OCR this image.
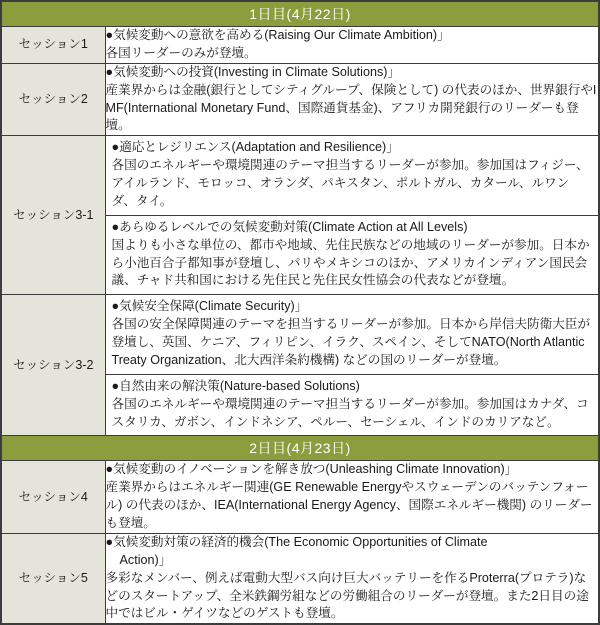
1日目(4月22日)	
セッション1	●気候変動への意欲を高める(Raising Our Climate Ambition)」
各国リーダーのみが登壇。

セッション2	●気候変動への投資(Investing in Climate Solutions)」
産業界からは金融(銀行としてシティグループ、保険として) の代表のほか、世界銀行やIMF(International Monetary Fund、国際通貨基金)、アフリカ開発銀行のリーダーも登壇。

セッション3-1	●適応とレジリエンス(Adaptation and Resilience)」
各国のエネルギーや環境関連のテーマ担当するリーダーが参加。参加国はフィジー、アイルランド、モロッコ、オランダ、パキスタン、ポルトガル、カタール、ルワンダ、タイ。
●あらゆるレベルでの気候変動対策(Climate Action at All Levels)
国よりも小さな単位の、都市や地域、先住民族などの地域のリーダーが参加。日本から小池百合子都知事が登壇し、パリやメキシコのほか、アメリカインディアン国民会議、チャド共和国における先住民と先住民女性協会の代表などが登壇。

セッション3-2	●気候安全保障(Climate Security)」
各国の安全保障関連のテーマを担当するリーダーが参加。日本から岸信夫防衛大臣が登壇し、英国、ケニア、フィリピン、イラク、スペイン、そしてNATO(North Atlantic Treaty Organization、北大西洋条約機構) などの国のリーダーが登壇。
●自然由来の解決策(Nature-based Solutions)
各国のエネルギーや環境関連のテーマ担当するリーダーが参加。参加国はカナダ、コスタリカ、ガボン、インドネシア、ペルー、セーシェル、インドのカリアなど。

2日目(4月23日)	
セッション4	●気候変動のイノベーションを解き放つ(Unleashing Climate Innovation)」
産業界からはエネルギー関連(GE Renewable Energyやスウェーデンのバッテンフォール) の代表のほか、IEA(International Energy Agency、国際エネルギー機関) のリーダーも登壇。

セッション5	●気候変動対策の経済的機会(The Economic Opportunities of Climate
Action)」
多彩なメンバー、例えば電動大型バス向け巨大バッテリーを作るProterra(プロテラ)などのスタートアップ、全米鉄鋼労組などの労働組合のリーダーが登壇。また2日目の途中ではビル・ゲイツなどのゲストも登壇。
